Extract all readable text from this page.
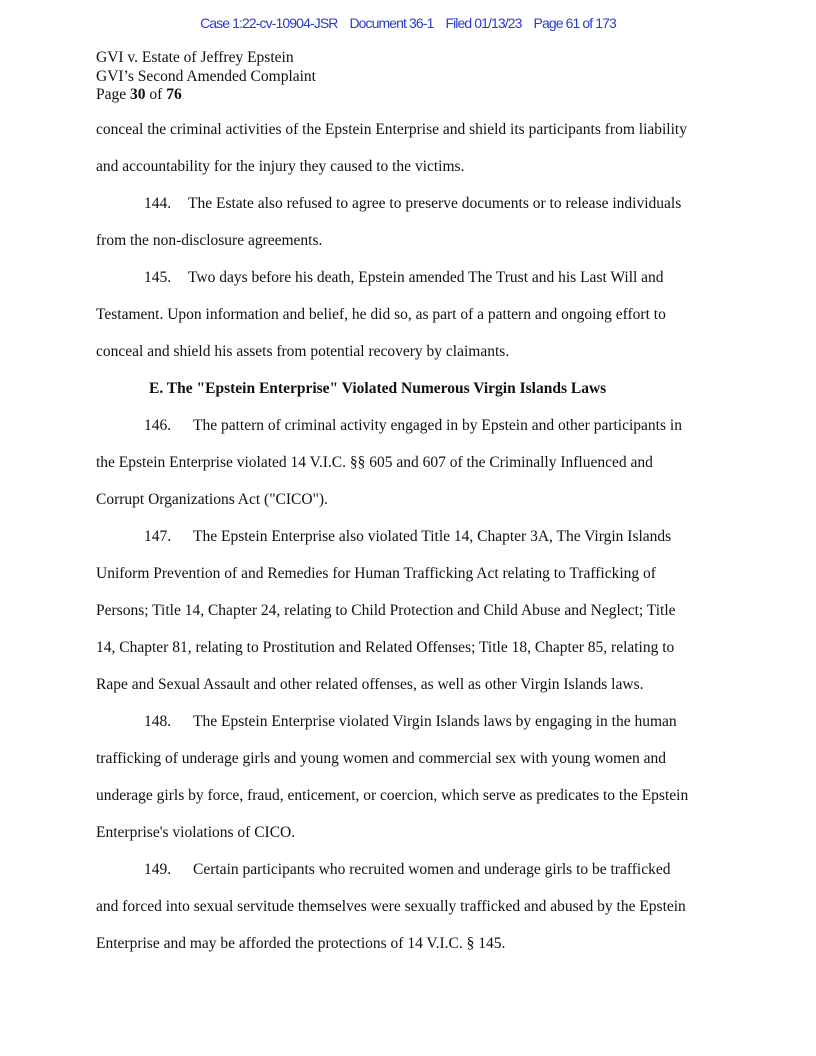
Case 1:22-cv-10904-JSR Document 36-1 Filed 01/13/23 Page 61 of 173
GVI v. Estate of Jeffrey Epstein
GVI’s Second Amended Complaint
Page 30 of 76
conceal the criminal activities of the Epstein Enterprise and shield its participants from liability
and accountability for the injury they caused to the victims.
144. The Estate also refused to agree to preserve documents or to release individuals
from the non-disclosure agreements.
145. Two days before his death, Epstein amended The Trust and his Last Will and
Testament. Upon information and belief, he did so, as part of a pattern and ongoing effort to
conceal and shield his assets from potential recovery by claimants.
E. The "Epstein Enterprise" Violated Numerous Virgin Islands Laws
146. The pattern of criminal activity engaged in by Epstein and other participants in
the Epstein Enterprise violated 14 V.I.C. §§ 605 and 607 of the Criminally Influenced and
Corrupt Organizations Act ("CICO").
147. The Epstein Enterprise also violated Title 14, Chapter 3A, The Virgin Islands
Uniform Prevention of and Remedies for Human Trafficking Act relating to Trafficking of
Persons; Title 14, Chapter 24, relating to Child Protection and Child Abuse and Neglect; Title
14, Chapter 81, relating to Prostitution and Related Offenses; Title 18, Chapter 85, relating to
Rape and Sexual Assault and other related offenses, as well as other Virgin Islands laws.
148. The Epstein Enterprise violated Virgin Islands laws by engaging in the human
trafficking of underage girls and young women and commercial sex with young women and
underage girls by force, fraud, enticement, or coercion, which serve as predicates to the Epstein
Enterprise's violations of CICO.
149. Certain participants who recruited women and underage girls to be trafficked
and forced into sexual servitude themselves were sexually trafficked and abused by the Epstein
Enterprise and may be afforded the protections of 14 V.I.C. § 145.
